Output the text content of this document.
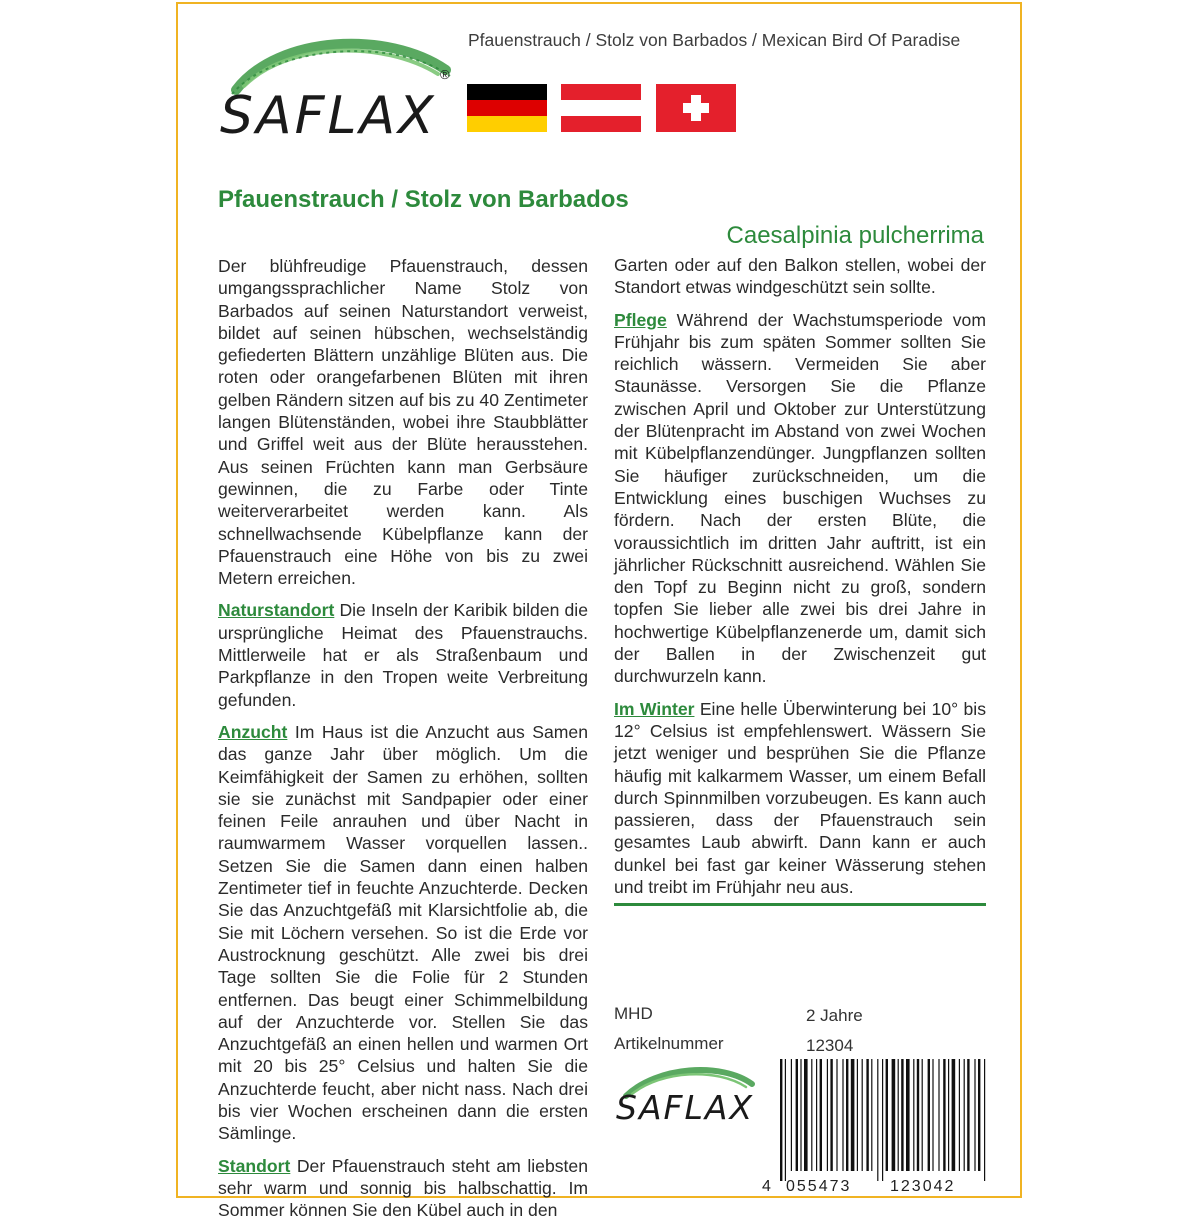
Pfauenstrauch / Stolz von Barbados / Mexican Bird Of Paradise
SAFLAX
®
Pfauenstrauch / Stolz von Barbados
Caesalpinia pulcherrima

Der blühfreudige Pfauenstrauch, dessen umgangssprachlicher Name Stolz von Barbados auf seinen Naturstandort verweist, bildet auf seinen hübschen, wechselständig gefiederten Blättern unzählige Blüten aus. Die roten oder orangefarbenen Blüten mit ihren gelben Rändern sitzen auf bis zu 40 Zentimeter langen Blütenständen, wobei ihre Staubblätter und Griffel weit aus der Blüte herausstehen. Aus seinen Früchten kann man Gerbsäure gewinnen, die zu Farbe oder Tinte weiterverarbeitet werden kann. Als schnellwachsende Kübelpflanze kann der Pfauenstrauch eine Höhe von bis zu zwei Metern erreichen.

Naturstandort Die Inseln der Karibik bilden die ursprüngliche Heimat des Pfauenstrauchs. Mittlerweile hat er als Straßenbaum und Parkpflanze in den Tropen weite Verbreitung gefunden.

Anzucht Im Haus ist die Anzucht aus Samen das ganze Jahr über möglich. Um die Keimfähigkeit der Samen zu erhöhen, sollten sie sie zunächst mit Sandpapier oder einer feinen Feile anrauhen und über Nacht in raumwarmem Wasser vorquellen lassen.. Setzen Sie die Samen dann einen halben Zentimeter tief in feuchte Anzuchterde. Decken Sie das Anzuchtgefäß mit Klarsichtfolie ab, die Sie mit Löchern versehen. So ist die Erde vor Austrocknung geschützt. Alle zwei bis drei Tage sollten Sie die Folie für 2 Stunden entfernen. Das beugt einer Schimmelbildung auf der Anzuchterde vor. Stellen Sie das Anzuchtgefäß an einen hellen und warmen Ort mit 20 bis 25° Celsius und halten Sie die Anzuchterde feucht, aber nicht nass. Nach drei bis vier Wochen erscheinen dann die ersten Sämlinge.

Standort Der Pfauenstrauch steht am liebsten sehr warm und sonnig bis halbschattig. Im Sommer können Sie den Kübel auch in den

Garten oder auf den Balkon stellen, wobei der Standort etwas windgeschützt sein sollte.

Pflege Während der Wachstumsperiode vom Frühjahr bis zum späten Sommer sollten Sie reichlich wässern. Vermeiden Sie aber Staunässe. Versorgen Sie die Pflanze zwischen April und Oktober zur Unterstützung der Blütenpracht im Abstand von zwei Wochen mit Kübelpflanzendünger. Jungpflanzen sollten Sie häufiger zurückschneiden, um die Entwicklung eines buschigen Wuchses zu fördern. Nach der ersten Blüte, die voraussichtlich im dritten Jahr auftritt, ist ein jährlicher Rückschnitt ausreichend. Wählen Sie den Topf zu Beginn nicht zu groß, sondern topfen Sie lieber alle zwei bis drei Jahre in hochwertige Kübelpflanzenerde um, damit sich der Ballen in der Zwischenzeit gut durchwurzeln kann.

Im Winter Eine helle Überwinterung bei 10° bis 12° Celsius ist empfehlenswert. Wässern Sie jetzt weniger und besprühen Sie die Pflanze häufig mit kalkarmem Wasser, um einem Befall durch Spinnmilben vorzubeugen. Es kann auch passieren, dass der Pfauenstrauch sein gesamtes Laub abwirft. Dann kann er auch dunkel bei fast gar keiner Wässerung stehen und treibt im Frühjahr neu aus.

MHD	2 Jahre
Artikelnummer	12304
SAFLAX
4 055473 123042
